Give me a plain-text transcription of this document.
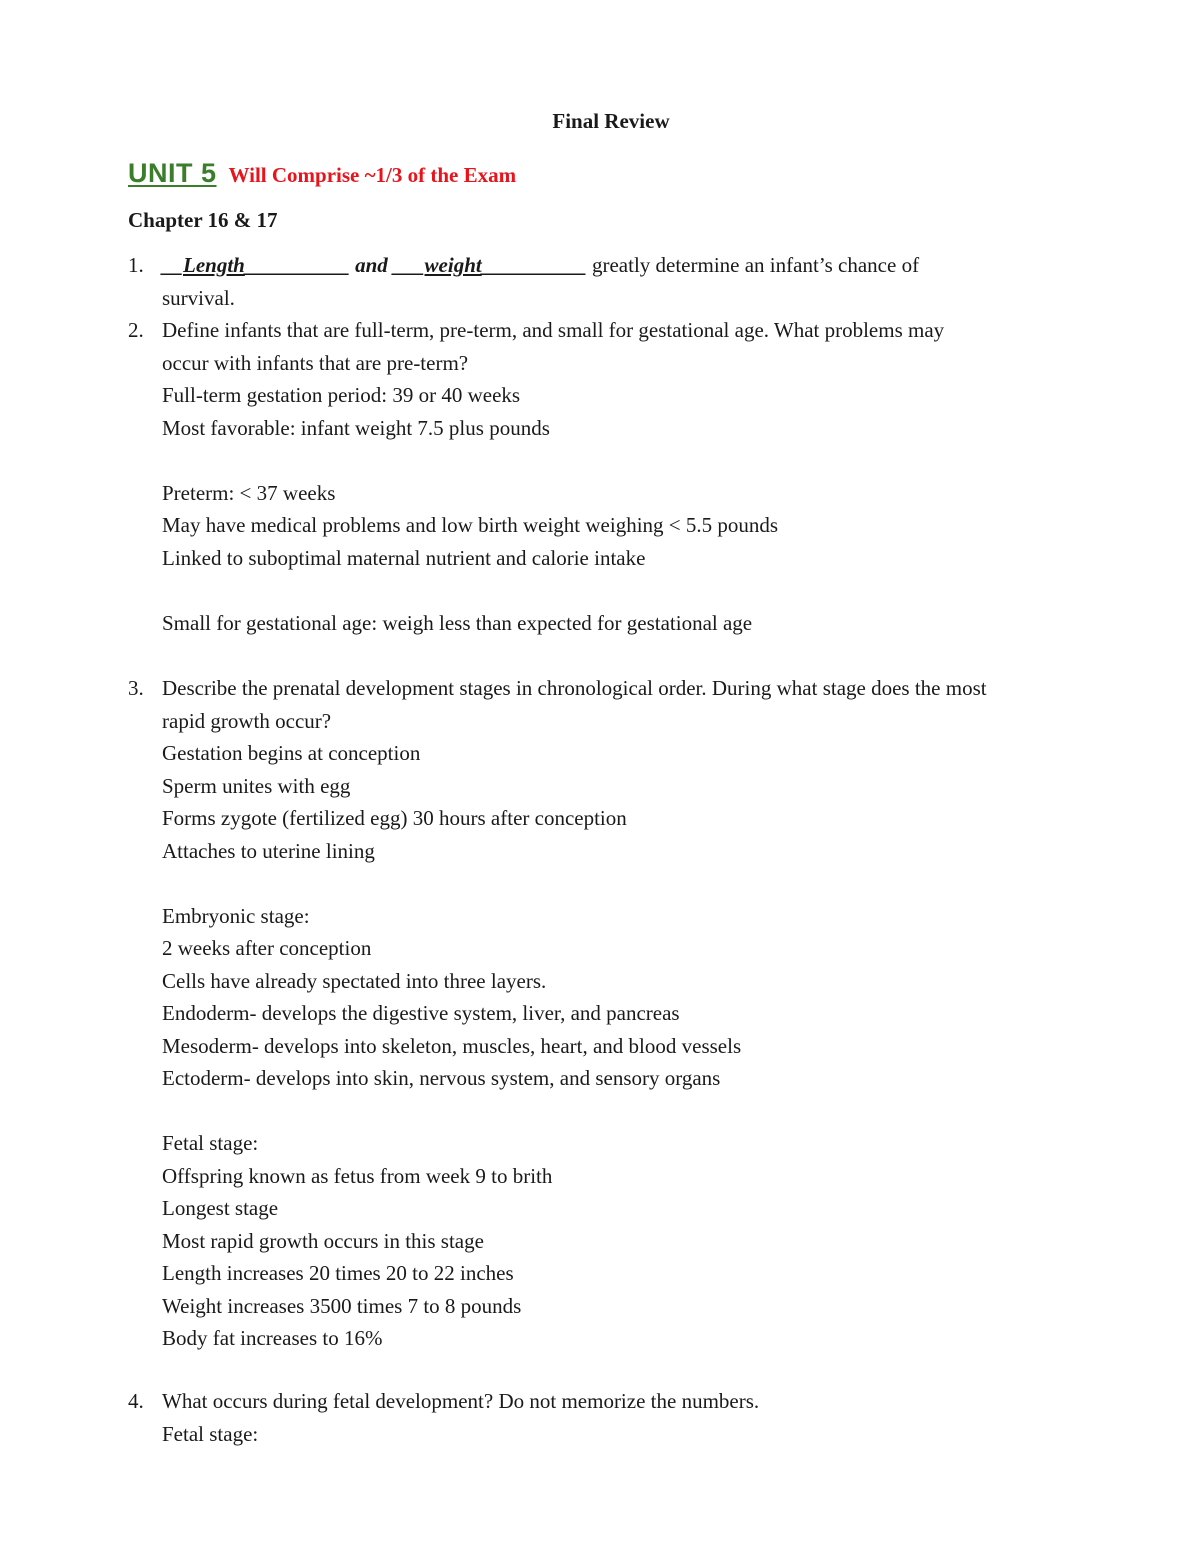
Final Review
UNIT 5 Will Comprise ~1/3 of the Exam
Chapter 16 & 17
1. __Length__________ and ___weight__________ greatly determine an infant’s chance of
survival.
2. Define infants that are full-term, pre-term, and small for gestational age. What problems may
occur with infants that are pre-term?
Full-term gestation period: 39 or 40 weeks
Most favorable: infant weight 7.5 plus pounds
Preterm: < 37 weeks
May have medical problems and low birth weight weighing < 5.5 pounds
Linked to suboptimal maternal nutrient and calorie intake
Small for gestational age: weigh less than expected for gestational age
3. Describe the prenatal development stages in chronological order. During what stage does the most
rapid growth occur?
Gestation begins at conception
Sperm unites with egg
Forms zygote (fertilized egg) 30 hours after conception
Attaches to uterine lining
Embryonic stage:
2 weeks after conception
Cells have already spectated into three layers.
Endoderm- develops the digestive system, liver, and pancreas
Mesoderm- develops into skeleton, muscles, heart, and blood vessels
Ectoderm- develops into skin, nervous system, and sensory organs
Fetal stage:
Offspring known as fetus from week 9 to brith
Longest stage
Most rapid growth occurs in this stage
Length increases 20 times 20 to 22 inches
Weight increases 3500 times 7 to 8 pounds
Body fat increases to 16%
4. What occurs during fetal development? Do not memorize the numbers.
Fetal stage:
